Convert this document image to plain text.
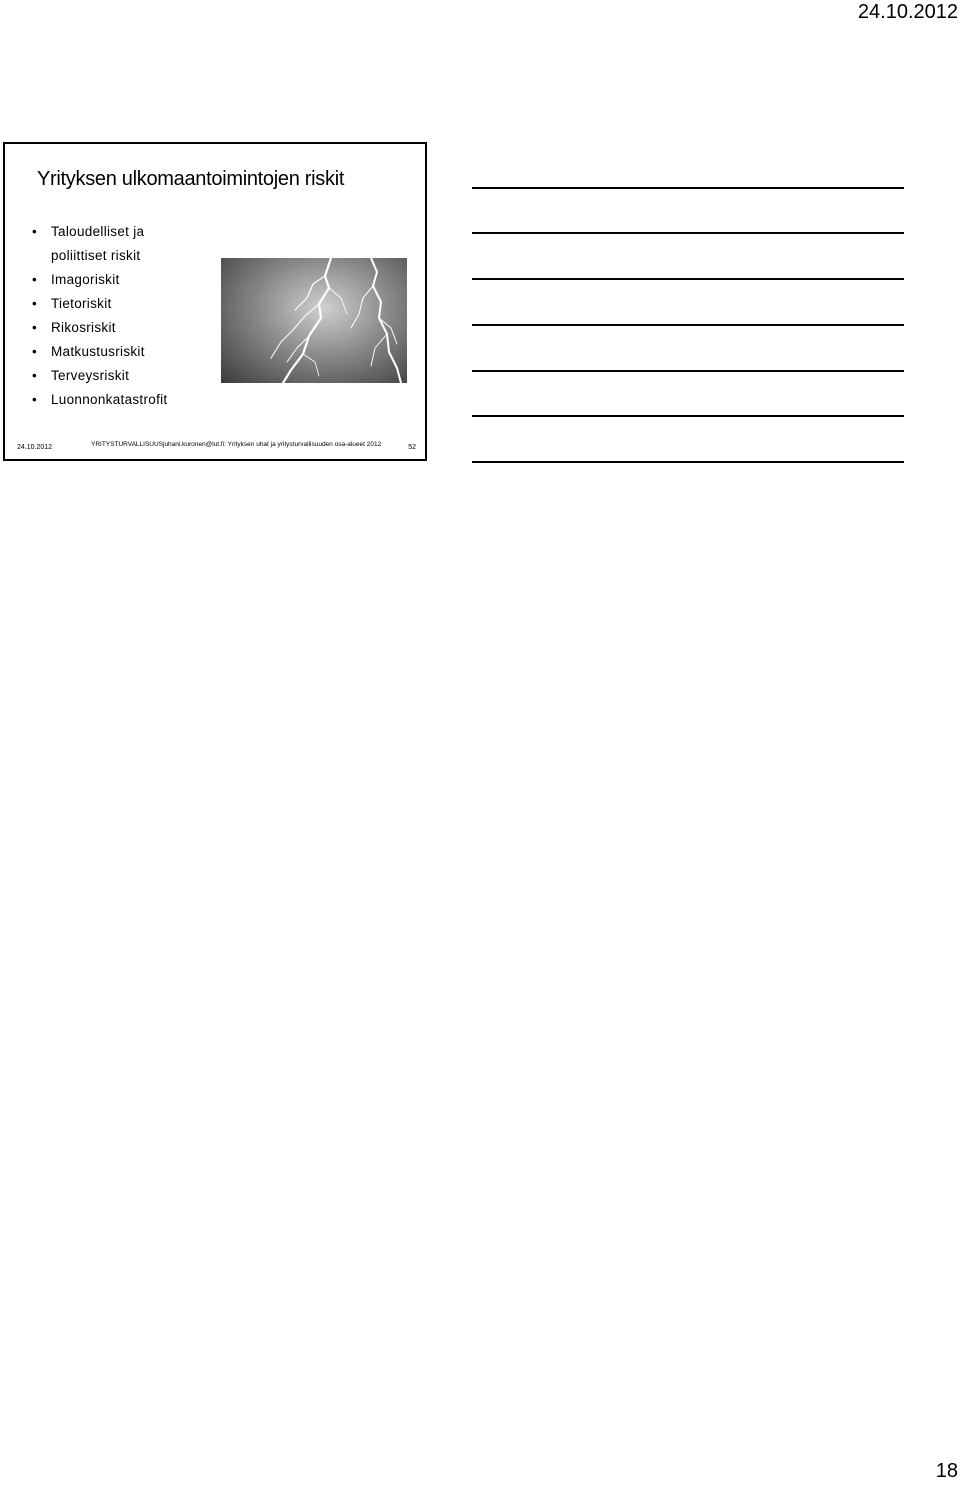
24.10.2012
Yrityksen ulkomaantoimintojen riskit
• Taloudelliset ja poliittiset riskit
• Imagoriskit
• Tietoriskit
• Rikosriskit
• Matkustusriskit
• Terveysriskit
• Luonnonkatastrofit
24.10.2012	YRITYSTURVALLISUUSjuhani.kuronen@lut.fi: Yrityksen uhat ja yritysturvallisuuden osa-alueet 2012	52
18
